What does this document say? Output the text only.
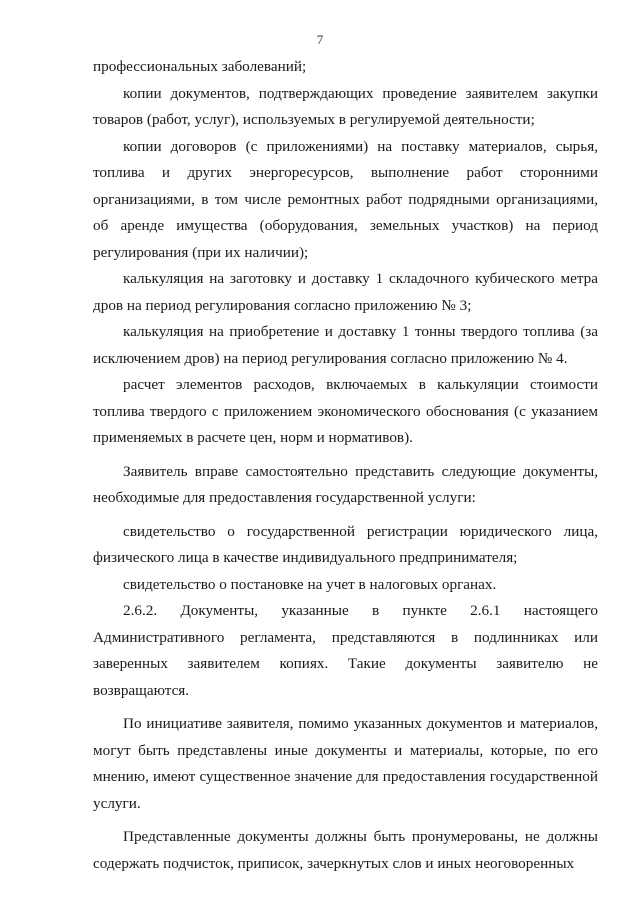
7

профессиональных заболеваний;

копии документов, подтверждающих проведение заявителем закупки товаров (работ, услуг), используемых в регулируемой деятельности;

копии договоров (с приложениями) на поставку материалов, сырья, топлива и других энергоресурсов, выполнение работ сторонними организациями, в том числе ремонтных работ подрядными организациями, об аренде имущества (оборудования, земельных участков) на период регулирования (при их наличии);

калькуляция на заготовку и доставку 1 складочного кубического метра дров на период регулирования согласно приложению № 3;

калькуляция на приобретение и доставку 1 тонны твердого топлива (за исключением дров) на период регулирования согласно приложению № 4.

расчет элементов расходов, включаемых в калькуляции стоимости топлива твердого с приложением экономического обоснования (с указанием применяемых в расчете цен, норм и нормативов).

Заявитель вправе самостоятельно представить следующие документы, необходимые для предоставления государственной услуги:

свидетельство о государственной регистрации юридического лица, физического лица в качестве индивидуального предпринимателя;

свидетельство о постановке на учет в налоговых органах.

2.6.2. Документы, указанные в пункте 2.6.1 настоящего Административного регламента, представляются в подлинниках или заверенных заявителем копиях. Такие документы заявителю не возвращаются.

По инициативе заявителя, помимо указанных документов и материалов, могут быть представлены иные документы и материалы, которые, по его мнению, имеют существенное значение для предоставления государственной услуги.

Представленные документы должны быть пронумерованы, не должны содержать подчисток, приписок, зачеркнутых слов и иных неоговоренных
